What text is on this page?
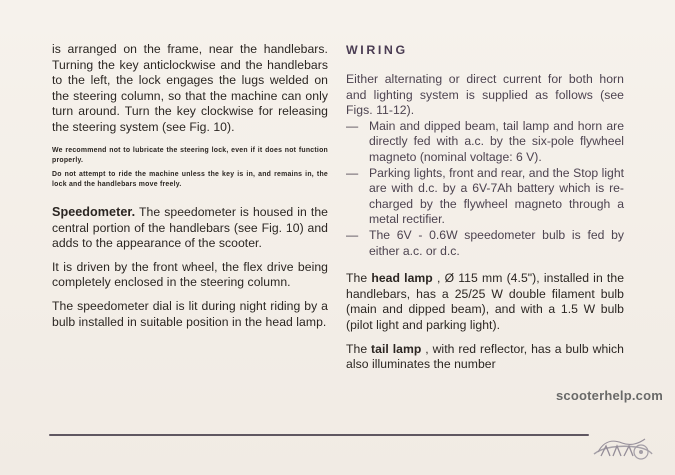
is arranged on the frame, near the handlebars. Turning the key anticlockwise and the handlebars to the left, the lock engages the lugs welded on the steering column, so that the machine can only turn around. Turn the key clockwise for releasing the steering system (see Fig. 10).

We recommend not to lubricate the steering lock, even if it does not function properly.

Do not attempt to ride the machine unless the key is in, and remains in, the lock and the handlebars move freely.

Speedometer. The speedometer is housed in the central portion of the handlebars (see Fig. 10) and adds to the appearance of the scooter.

It is driven by the front wheel, the flex drive being completely enclosed in the steering column.

The speedometer dial is lit during night riding by a bulb installed in suitable position in the head lamp.

WIRING

Either alternating or direct current for both horn and lighting system is supplied as follows (see Figs. 11-12).

— Main and dipped beam, tail lamp and horn are directly fed with a.c. by the six-pole flywheel magneto (nominal voltage: 6 V).
— Parking lights, front and rear, and the Stop light are with d.c. by a 6V-7Ah battery which is re-charged by the flywheel magneto through a metal rectifier.
— The 6V - 0.6W speedometer bulb is fed by either a.c. or d.c.

The head lamp , Ø 115 mm (4.5"), installed in the handlebars, has a 25/25 W double filament bulb (main and dipped beam), and with a 1.5 W bulb (pilot light and parking light).

The tail lamp , with red reflector, has a bulb which also illuminates the number

scooterhelp.com
